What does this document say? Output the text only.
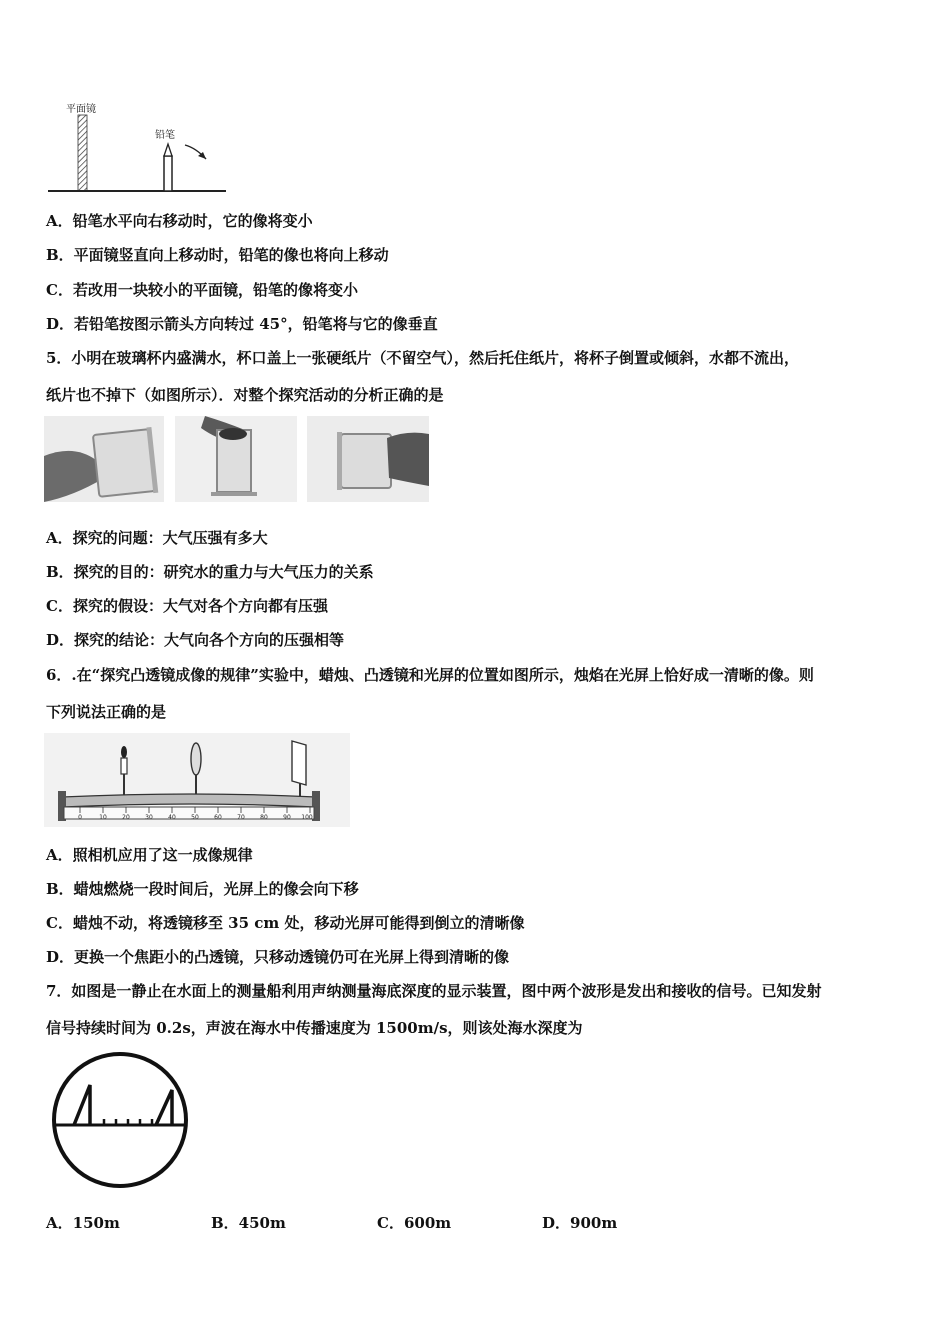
平面镜
铅笔
A．铅笔水平向右移动时，它的像将变小
B．平面镜竖直向上移动时，铅笔的像也将向上移动
C．若改用一块较小的平面镜，铅笔的像将变小
D．若铅笔按图示箭头方向转过 45°，铅笔将与它的像垂直
5．小明在玻璃杯内盛满水，杯口盖上一张硬纸片（不留空气），然后托住纸片，将杯子倒置或倾斜，水都不流出，
纸片也不掉下（如图所示）．对整个探究活动的分析正确的是
A．探究的问题：大气压强有多大
B．探究的目的：研究水的重力与大气压力的关系
C．探究的假设：大气对各个方向都有压强
D．探究的结论：大气向各个方向的压强相等
6．.在“探究凸透镜成像的规律”实验中，蜡烛、凸透镜和光屏的位置如图所示，烛焰在光屏上恰好成一清晰的像。则
下列说法正确的是
0	10	20	30	40	50	60	70	80	90 100
A．照相机应用了这一成像规律
B．蜡烛燃烧一段时间后，光屏上的像会向下移
C．蜡烛不动，将透镜移至 35 cm 处，移动光屏可能得到倒立的清晰像
D．更换一个焦距小的凸透镜，只移动透镜仍可在光屏上得到清晰的像
7．如图是一静止在水面上的测量船利用声纳测量海底深度的显示装置，图中两个波形是发出和接收的信号。已知发射
信号持续时间为 0.2s，声波在海水中传播速度为 1500m/s，则该处海水深度为
A．150m	B．450m	C．600m	D．900m
